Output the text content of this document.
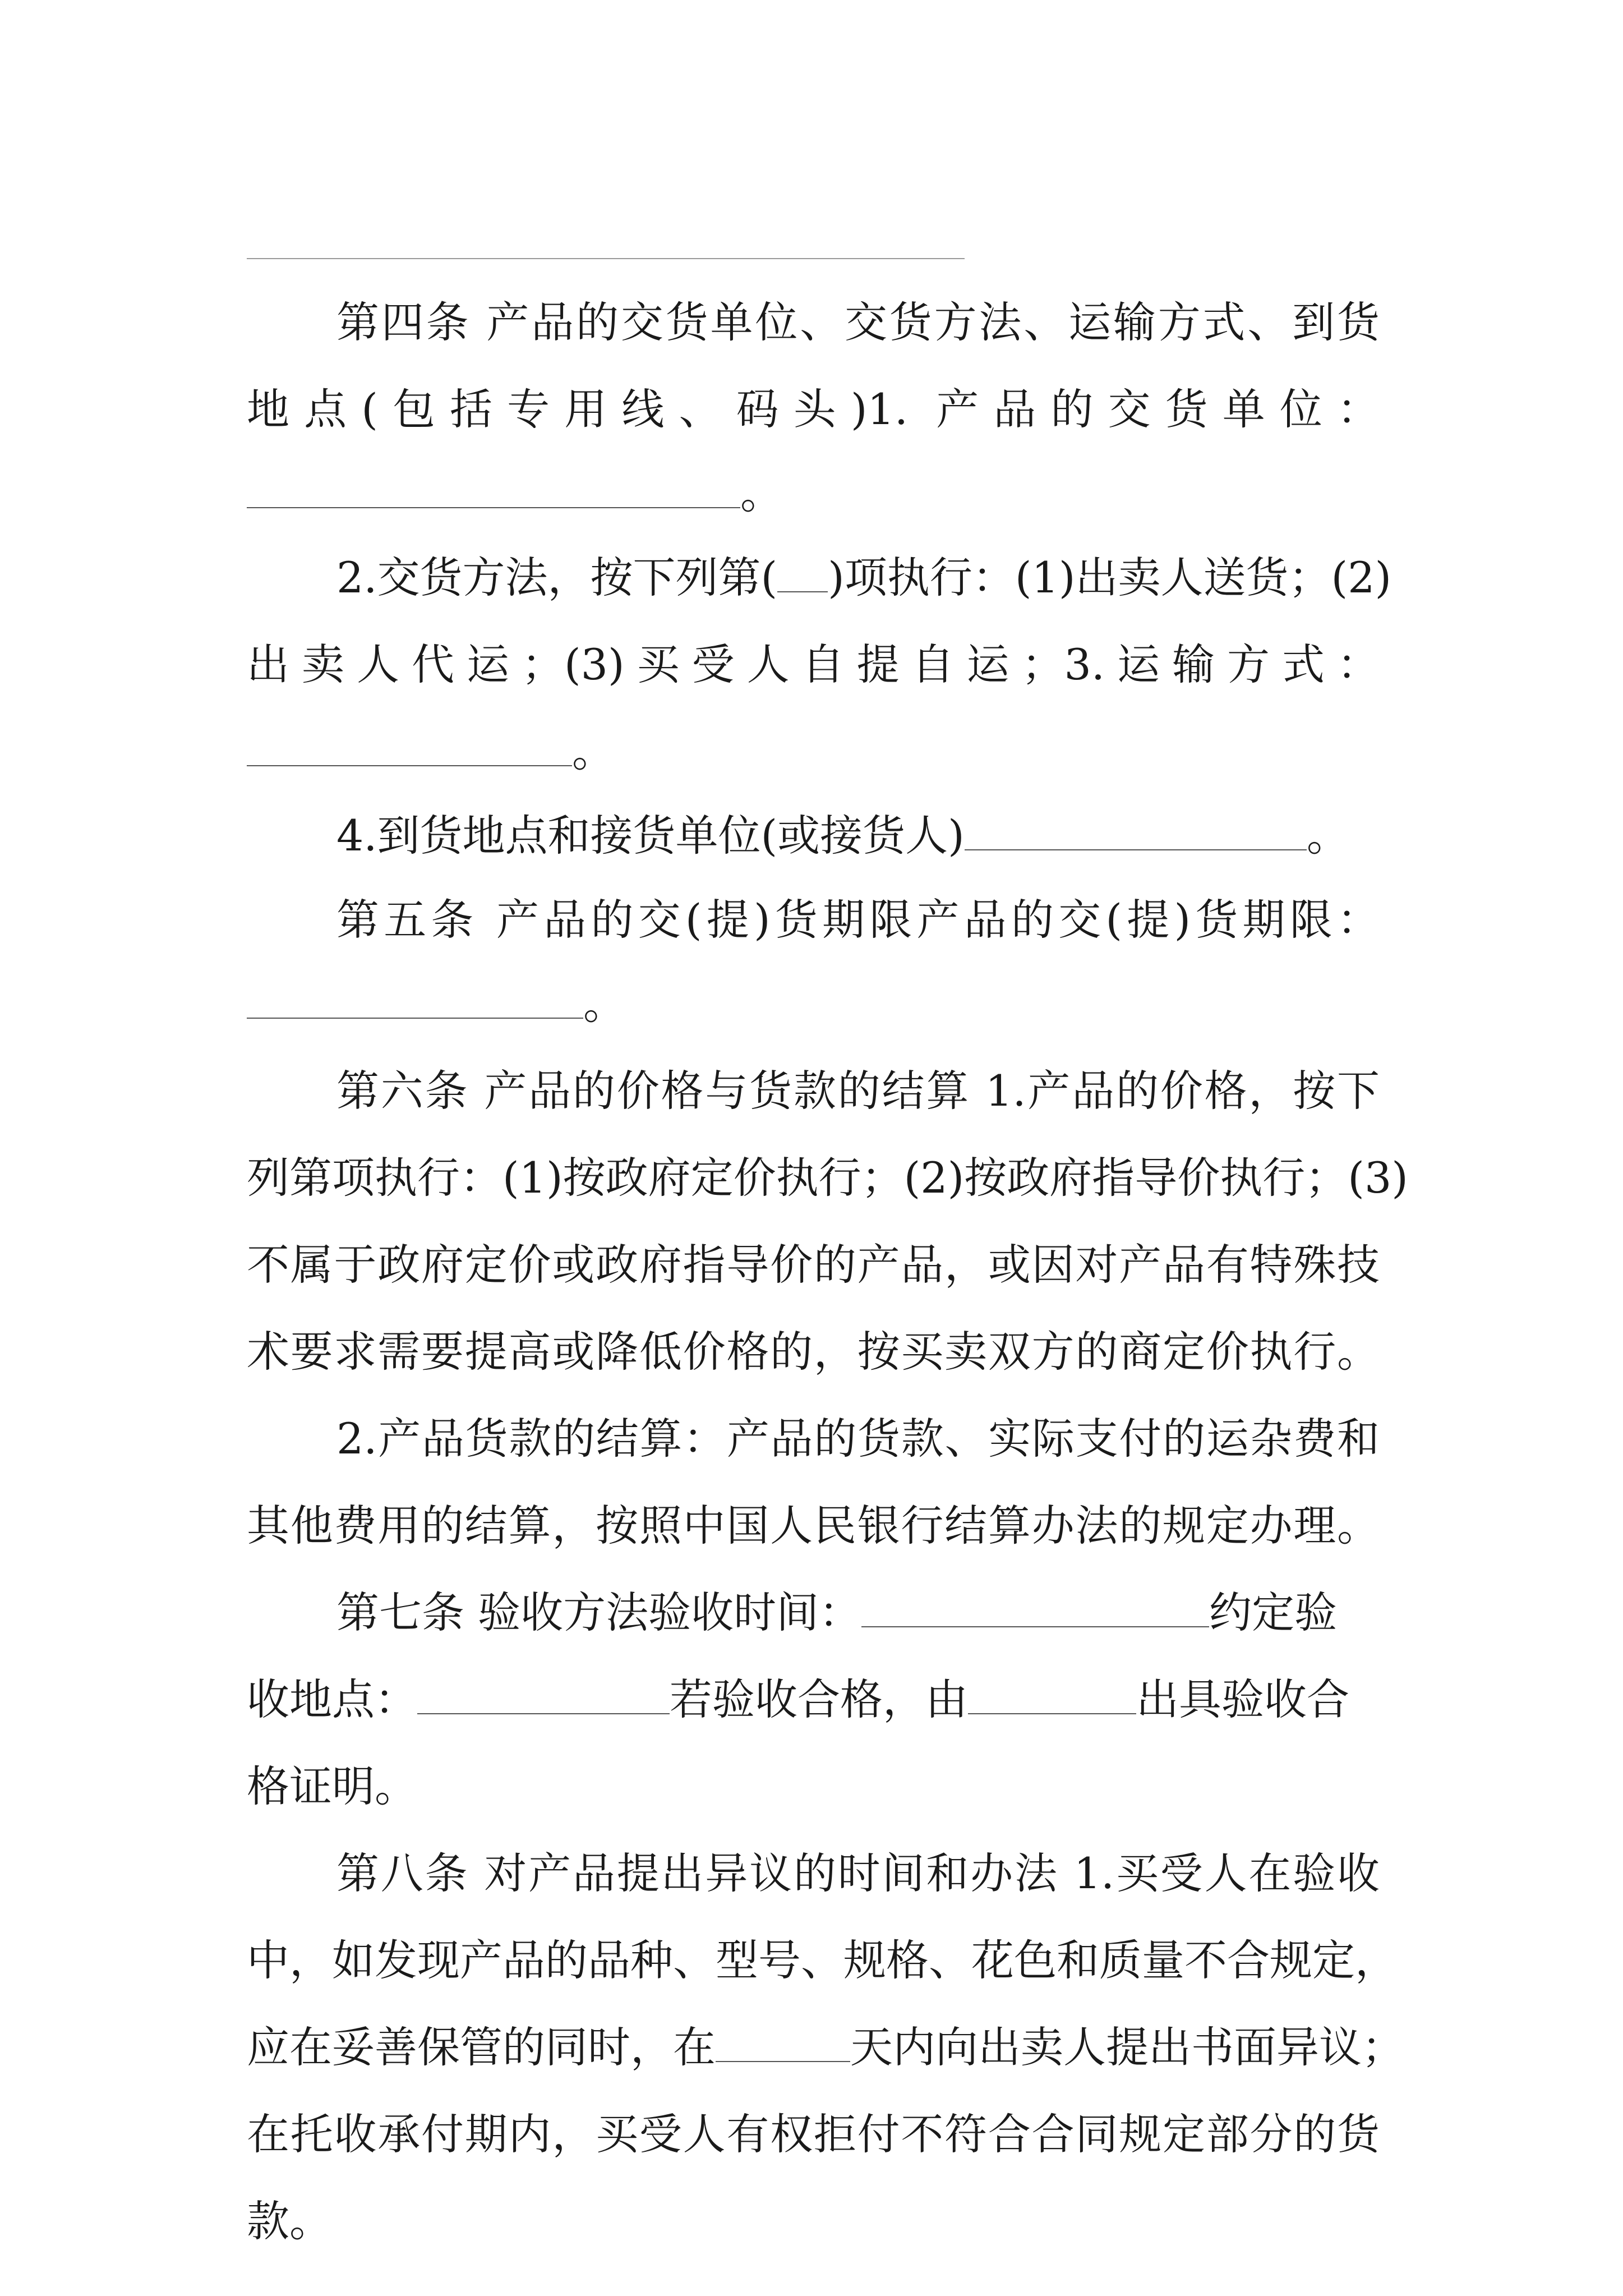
第四条 产品的交货单位、交货方法、运输方式、到货
地点(包括专用线、码头)1. 产品的交货单位：
。
2.交货方法，按下列第( )项执行：(1)出卖人送货；(2)
出卖人代运；(3)买受人自提自运；3.运输方式：
。
4.到货地点和接货单位(或接货人)	。
第五条 产品的交(提)货期限产品的交(提)货期限：
。
第六条 产品的价格与货款的结算 1.产品的价格，按下
列第项执行：(1)按政府定价执行；(2)按政府指导价执行；(3)
不属于政府定价或政府指导价的产品，或因对产品有特殊技
术要求需要提高或降低价格的，按买卖双方的商定价执行。
2.产品货款的结算：产品的货款、实际支付的运杂费和
其他费用的结算，按照中国人民银行结算办法的规定办理。
第七条 验收方法验收时间：	约定验
收地点：	若验收合格，由	出具验收合
格证明。
第八条 对产品提出异议的时间和办法 1.买受人在验收
中，如发现产品的品种、型号、规格、花色和质量不合规定，
应在妥善保管的同时，在	天内向出卖人提出书面异议；
在托收承付期内，买受人有权拒付不符合合同规定部分的货
款。
